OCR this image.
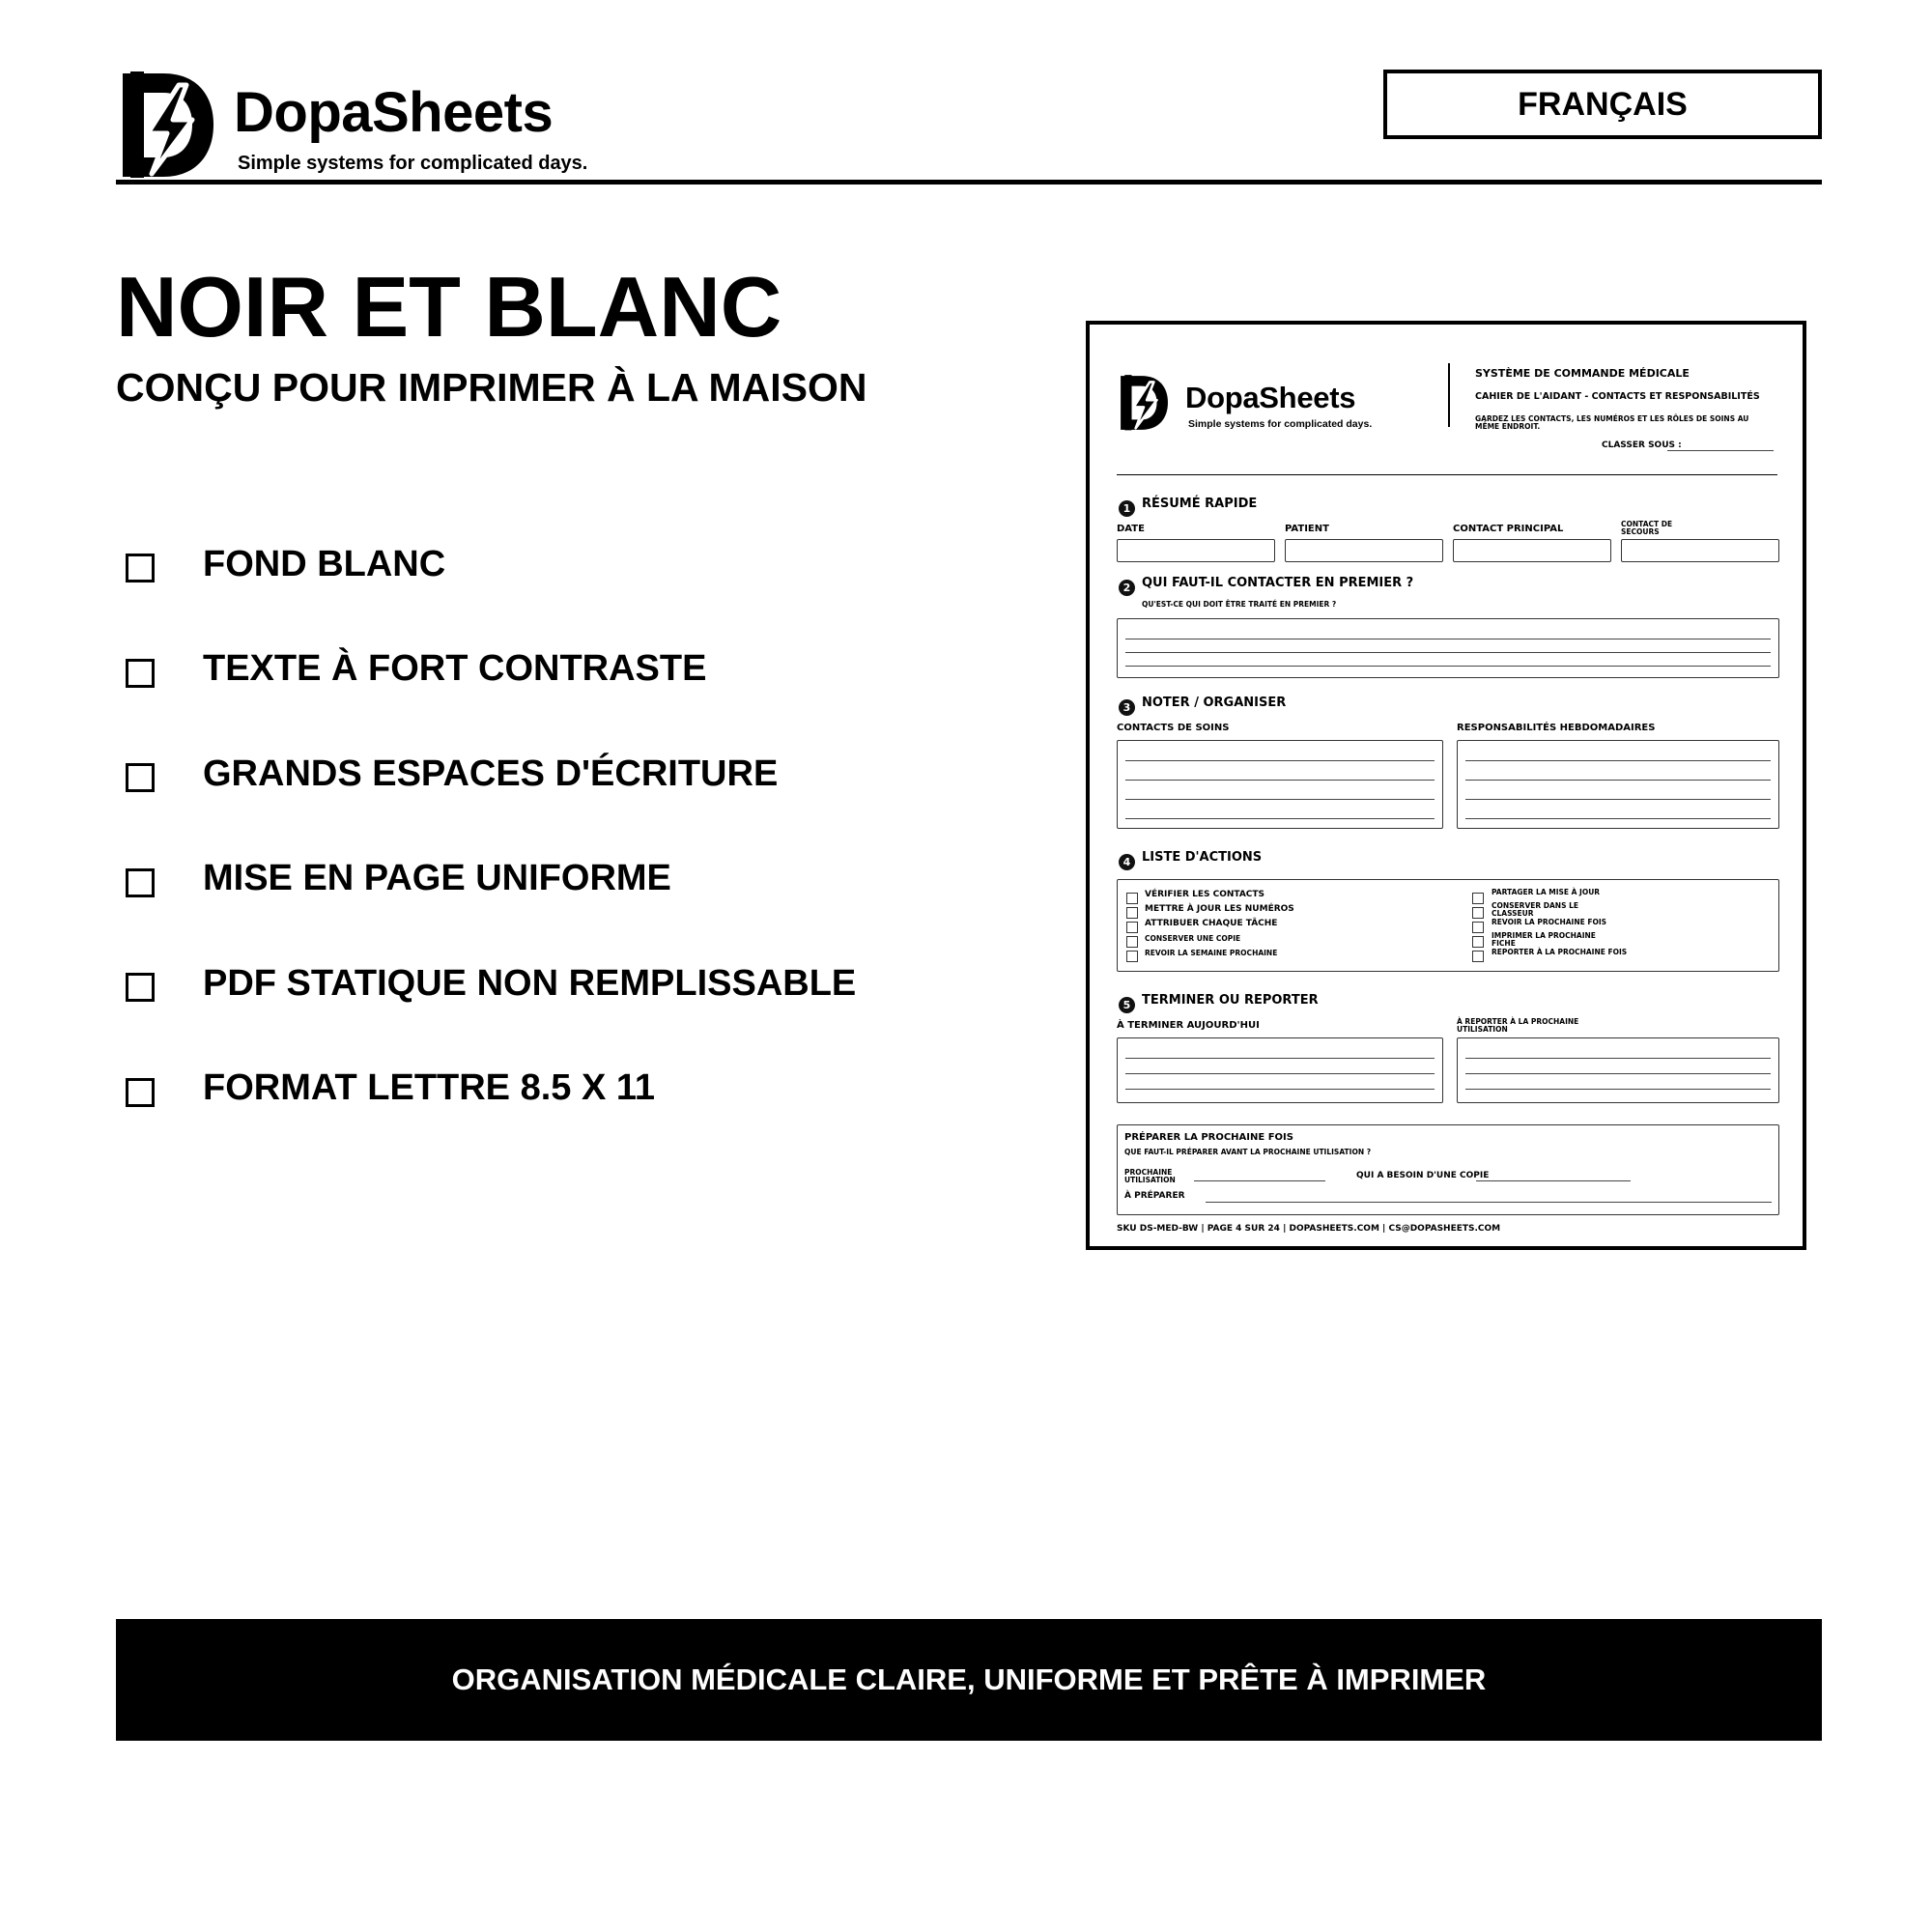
DopaSheets
Simple systems for complicated days.
FRANÇAIS
NOIR ET BLANC
CONÇU POUR IMPRIMER À LA MAISON
FOND BLANC
TEXTE À FORT CONTRASTE
GRANDS ESPACES D'ÉCRITURE
MISE EN PAGE UNIFORME
PDF STATIQUE NON REMPLISSABLE
FORMAT LETTRE 8.5 X 11
DopaSheets
Simple systems for complicated days.
SYSTÈME DE COMMANDE MÉDICALE
CAHIER DE L'AIDANT - CONTACTS ET RESPONSABILITÉS
GARDEZ LES CONTACTS, LES NUMÉROS ET LES RÔLES DE SOINS AU MÊME ENDROIT.
CLASSER SOUS :
1 RÉSUMÉ RAPIDE
DATE	PATIENT	CONTACT PRINCIPAL	CONTACT DE SECOURS
2 QUI FAUT-IL CONTACTER EN PREMIER ?
QU'EST-CE QUI DOIT ÊTRE TRAITÉ EN PREMIER ?
3 NOTER / ORGANISER
CONTACTS DE SOINS	RESPONSABILITÉS HEBDOMADAIRES
4 LISTE D'ACTIONS
VÉRIFIER LES CONTACTS
METTRE À JOUR LES NUMÉROS
ATTRIBUER CHAQUE TÂCHE
CONSERVER UNE COPIE
REVOIR LA SEMAINE PROCHAINE
PARTAGER LA MISE À JOUR
CONSERVER DANS LE CLASSEUR
REVOIR LA PROCHAINE FOIS
IMPRIMER LA PROCHAINE FICHE
REPORTER À LA PROCHAINE FOIS
5 TERMINER OU REPORTER
À TERMINER AUJOURD'HUI	À REPORTER À LA PROCHAINE UTILISATION
PRÉPARER LA PROCHAINE FOIS
QUE FAUT-IL PRÉPARER AVANT LA PROCHAINE UTILISATION ?
PROCHAINE UTILISATION	QUI A BESOIN D'UNE COPIE
À PRÉPARER
SKU DS-MED-BW | PAGE 4 SUR 24 | DOPASHEETS.COM | CS@DOPASHEETS.COM
ORGANISATION MÉDICALE CLAIRE, UNIFORME ET PRÊTE À IMPRIMER
